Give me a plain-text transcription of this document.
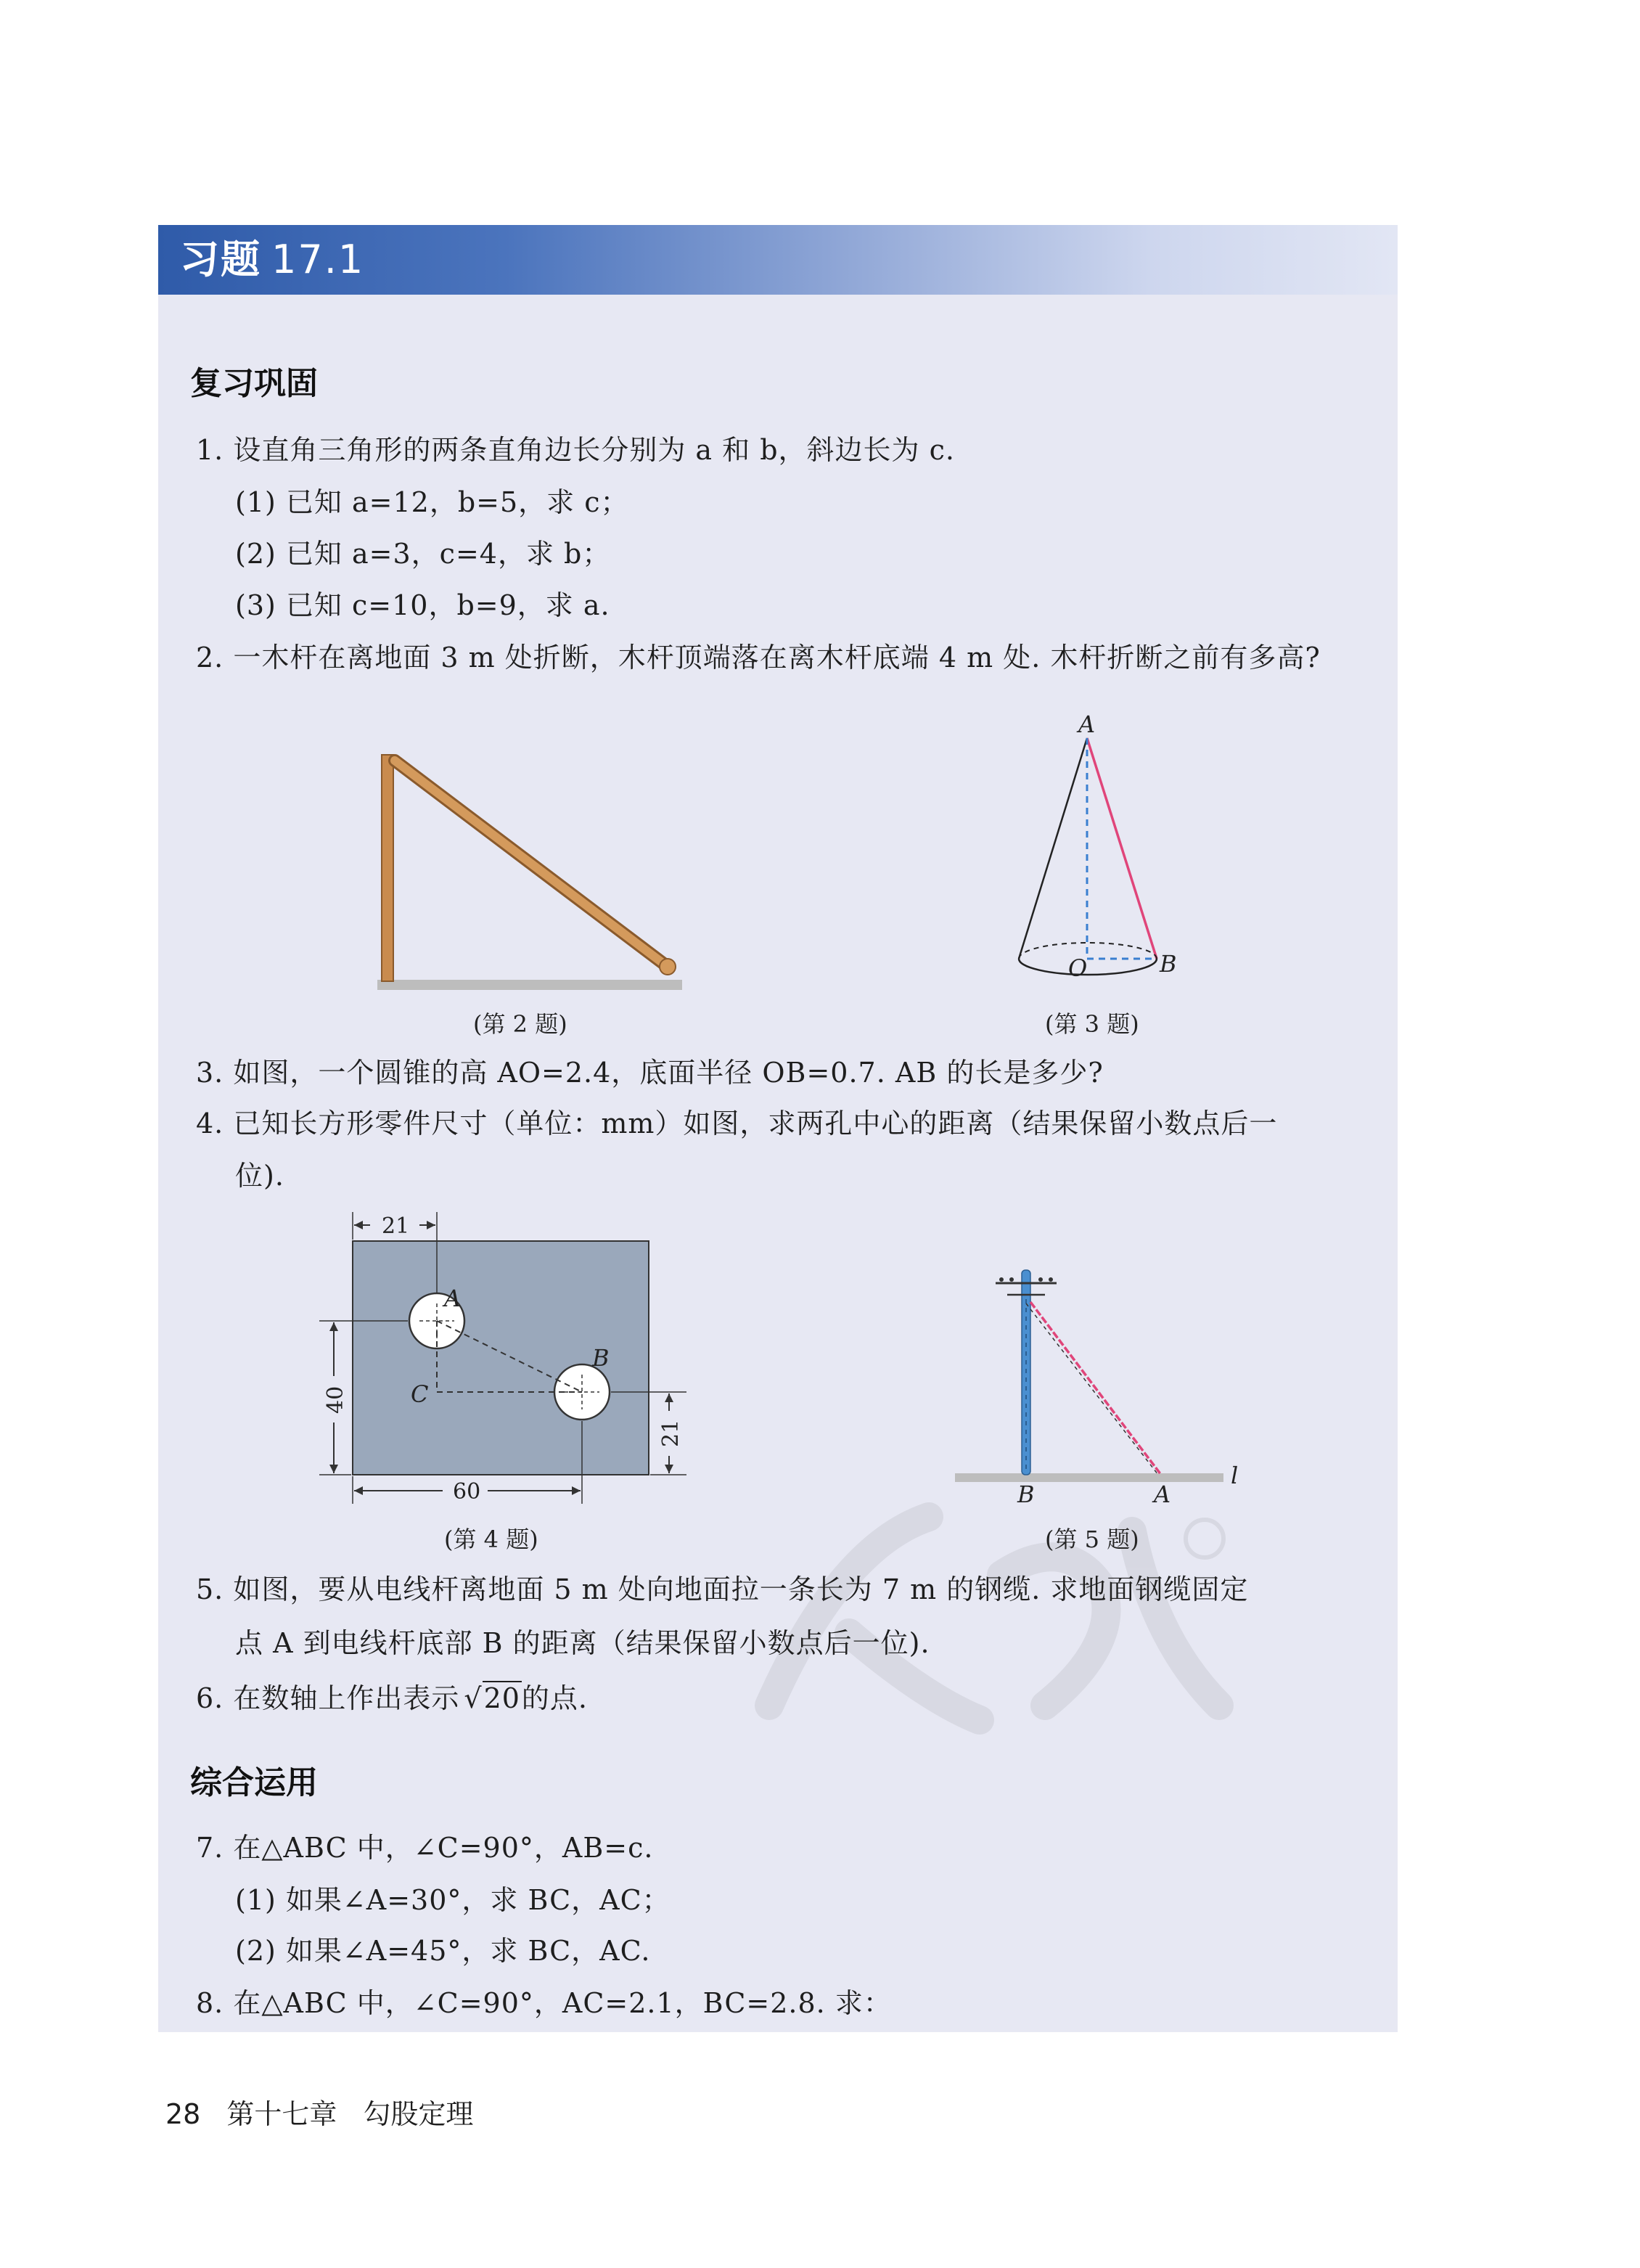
习题 17.1
复习巩固
1. 设直角三角形的两条直角边长分别为 a 和 b，斜边长为 c.
(1) 已知 a=12，b=5，求 c；
(2) 已知 a=3，c=4，求 b；
(3) 已知 c=10，b=9，求 a.
2. 一木杆在离地面 3 m 处折断，木杆顶端落在离木杆底端 4 m 处. 木杆折断之前有多高?
(第 2 题)
A
O	B
(第 3 题)
3. 如图，一个圆锥的高 AO=2.4，底面半径 OB=0.7. AB 的长是多少?
4. 已知长方形零件尺寸（单位：mm）如图，求两孔中心的距离（结果保留小数点后一
位).
A
B
C
21
40
60
21
(第 4 题)
B	A
l
(第 5 题)
5. 如图，要从电线杆离地面 5 m 处向地面拉一条长为 7 m 的钢缆. 求地面钢缆固定
点 A 到电线杆底部 B 的距离（结果保留小数点后一位).
6. 在数轴上作出表示 √20的点.
综合运用
7. 在△ABC 中，∠C=90°，AB=c.
(1) 如果∠A=30°，求 BC，AC；
(2) 如果∠A=45°，求 BC，AC.
8. 在△ABC 中，∠C=90°，AC=2.1，BC=2.8. 求：
28 第十七章 勾股定理
